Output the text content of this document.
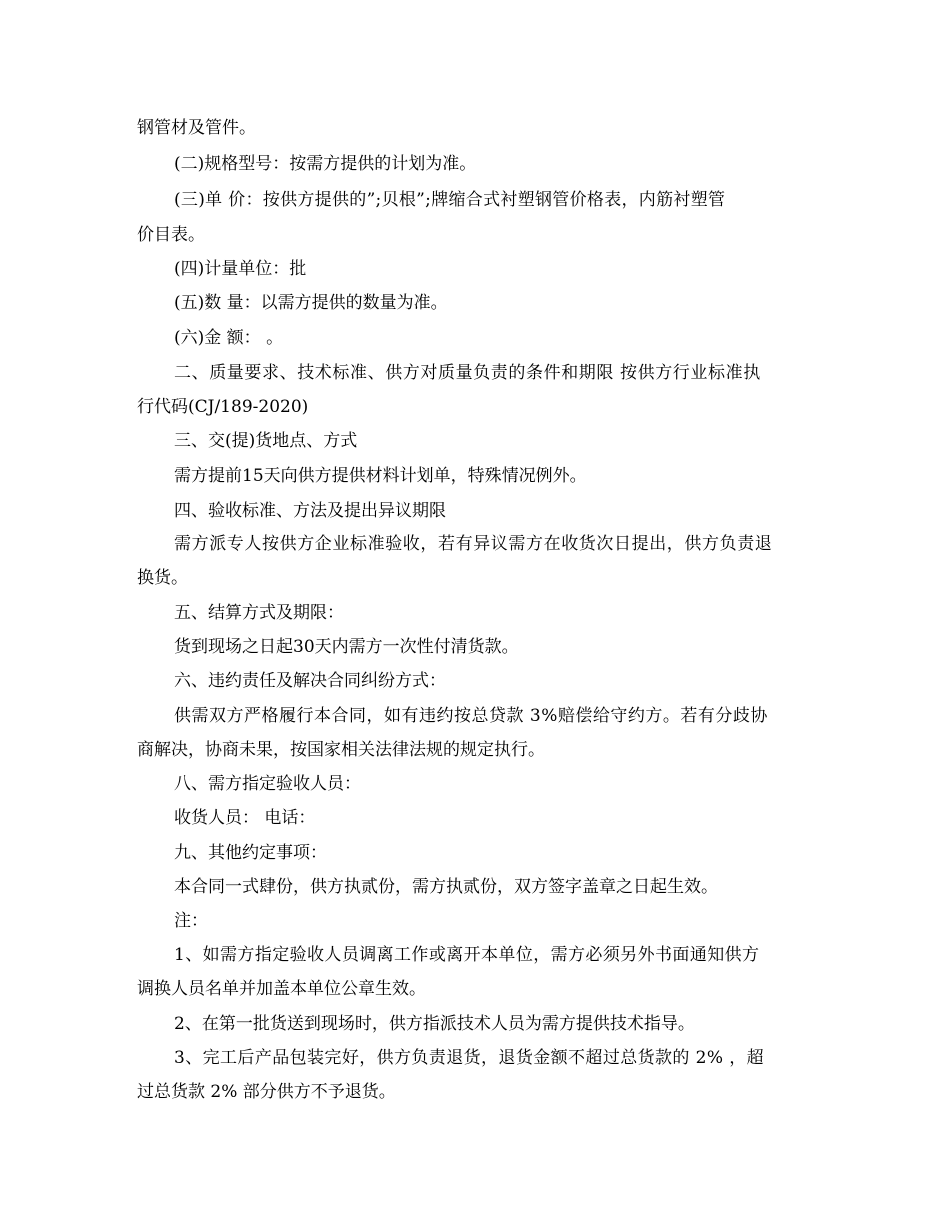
钢管材及管件。
(二)规格型号：按需方提供的计划为准。
(三)单 价：按供方提供的”;贝根”;牌缩合式衬塑钢管价格表，内筋衬塑管
价目表。
(四)计量单位：批
(五)数 量：以需方提供的数量为准。
(六)金 额： 。
二、质量要求、技术标准、供方对质量负责的条件和期限 按供方行业标准执
行代码(CJ/189-2020)
三、交(提)货地点、方式
需方提前15天向供方提供材料计划单，特殊情况例外。
四、验收标准、方法及提出异议期限
需方派专人按供方企业标准验收，若有异议需方在收货次日提出，供方负责退
换货。
五、结算方式及期限：
货到现场之日起30天内需方一次性付清货款。
六、违约责任及解决合同纠纷方式：
供需双方严格履行本合同，如有违约按总贷款 3%赔偿给守约方。若有分歧协
商解决，协商未果，按国家相关法律法规的规定执行。
八、需方指定验收人员：
收货人员： 电话：
九、其他约定事项：
本合同一式肆份，供方执贰份，需方执贰份，双方签字盖章之日起生效。
注：
1、如需方指定验收人员调离工作或离开本单位，需方必须另外书面通知供方
调换人员名单并加盖本单位公章生效。
2、在第一批货送到现场时，供方指派技术人员为需方提供技术指导。
3、完工后产品包装完好，供方负责退货，退货金额不超过总货款的 2% ，超
过总货款 2% 部分供方不予退货。
